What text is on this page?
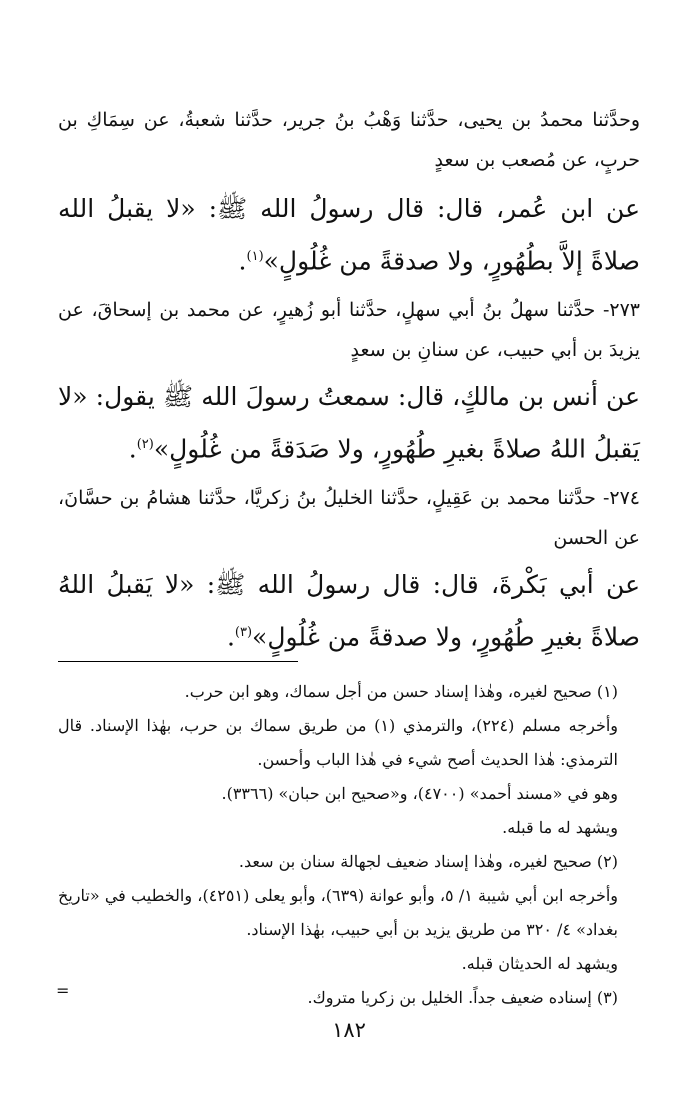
وحدَّثنا محمدُ بن يحيى، حدَّثنا وَهْبُ بنُ جرير، حدَّثنا شعبةُ، عن سِمَاكِ بن حربٍ، عن مُصعب بن سعدٍ
عن ابن عُمر، قال: قال رسولُ الله ﷺ: «لا يقبلُ الله صلاةً إلاَّ بطُهُورٍ، ولا صدقةً من غُلُولٍ»$^{(١)}$.
٢٧٣- حدَّثنا سهلُ بنُ أبي سهلٍ، حدَّثنا أبو زُهيرٍ، عن محمد بن إسحاقَ، عن يزيدَ بن أبي حبيب، عن سنانِ بن سعدٍ
عن أنس بن مالكٍ، قال: سمعتُ رسولَ الله ﷺ يقول: «لا يَقبلُ اللهُ صلاةً بغيرِ طُهُورٍ، ولا صَدَقةً من غُلُولٍ»$^{(٢)}$.
٢٧٤- حدَّثنا محمد بن عَقِيلٍ، حدَّثنا الخليلُ بنُ زكريَّا، حدَّثنا هشامُ بن حسَّانَ، عن الحسن
عن أبي بَكْرةَ، قال: قال رسولُ الله ﷺ: «لا يَقبلُ اللهُ صلاةً بغيرِ طُهُورٍ، ولا صدقةً من غُلُولٍ»$^{(٣)}$.

(١) صحيح لغيره، وهٰذا إسناد حسن من أجل سماك، وهو ابن حرب.

وأخرجه مسلم (٢٢٤)، والترمذي (١) من طريق سماك بن حرب، بهٰذا الإسناد. قال الترمذي: هٰذا الحديث أصح شيء في هٰذا الباب وأحسن.

وهو في «مسند أحمد» (٤٧٠٠)، و«صحيح ابن حبان» (٣٣٦٦).

ويشهد له ما قبله.

(٢) صحيح لغيره، وهٰذا إسناد ضعيف لجهالة سنان بن سعد.

وأخرجه ابن أبي شيبة ١/ ٥، وأبو عوانة (٦٣٩)، وأبو يعلى (٤٢٥١)، والخطيب في «تاريخ بغداد» ٤/ ٣٢٠ من طريق يزيد بن أبي حبيب، بهٰذا الإسناد.

ويشهد له الحديثان قبله.

(٣) إسناده ضعيف جداً. الخليل بن زكريا متروك.

=
١٨٢
